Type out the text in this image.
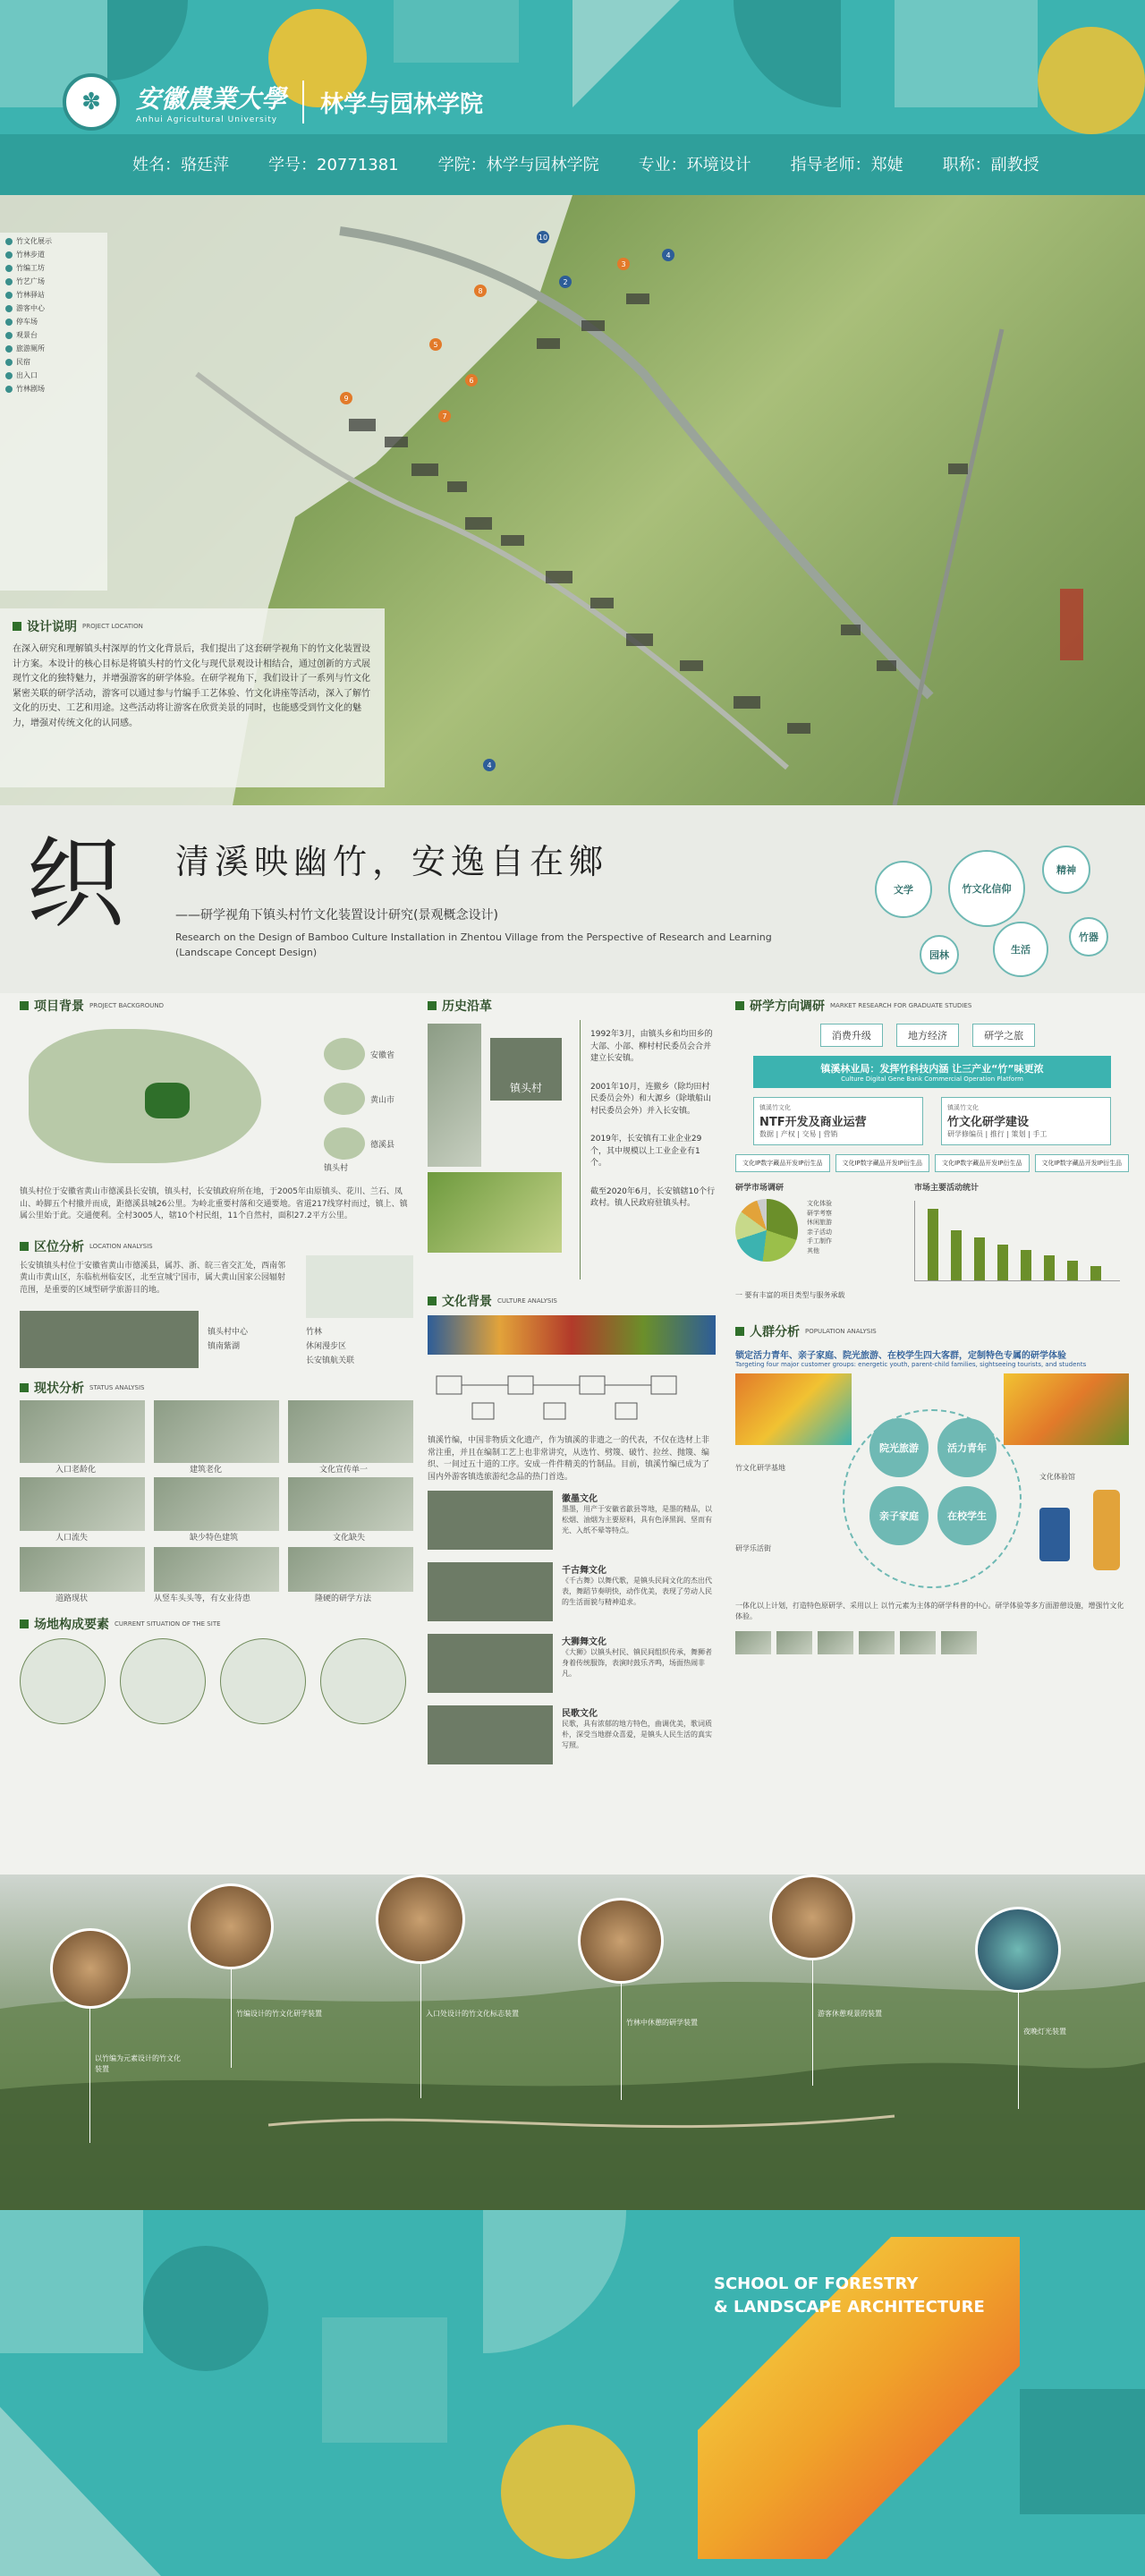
✽	安徽農業大學
Anhui Agricultural University
林学与园林学院
姓名：骆廷萍 学号：20771381 学院：林学与园林学院 专业：环境设计 指导老师：郑婕 职称：副教授
10
2
3
4
8
5
6
7
9
4
竹文化展示
竹林步道
竹编工坊
竹艺广场
竹林驿站
游客中心
停车场
观景台
旅游厕所
民宿
出入口
竹林剧场
设计说明 PROJECT LOCATION
在深入研究和理解镇头村深厚的竹文化背景后，我们提出了这套研学视角下的竹文化装置设计方案。本设计的核心目标是将镇头村的竹文化与现代景观设计相结合，通过创新的方式展现竹文化的独特魅力，并增强游客的研学体验。在研学视角下，我们设计了一系列与竹文化紧密关联的研学活动，游客可以通过参与竹编手工艺体验、竹文化讲座等活动，深入了解竹文化的历史、工艺和用途。这些活动将让游客在欣赏美景的同时，也能感受到竹文化的魅力，增强对传统文化的认同感。
织	清溪映幽竹，安逸自在鄉
——研学视角下镇头村竹文化装置设计研究(景观概念设计)
Research on the Design of Bamboo Culture Installation in Zhentou Village from the Perspective of Research and Learning (Landscape Concept Design)
竹文化信仰
精神
文学
生活
园林
竹器
项目背景 PROJECT BACKGROUND
安徽省
黄山市
德溪县
镇头村
镇头村位于安徽省黄山市德溪县长安镇，镇头村，长安镇政府所在地，于2005年由原镇头、花川、兰石、凤山、岭脚五个村撤并而成，距德溪县城26公里。为岭北重要村落和交通要地。省道217线穿村而过，镇上、镇属公里始于此。交通便利。全村3005人，辖10个村民组，11个自然村，面积27.2平方公里。
区位分析 LOCATION ANALYSIS
长安镇镇头村位于安徽省黄山市德溪县，属苏、浙、皖三省交汇处，西南邻黄山市黄山区，东临杭州临安区，北至宣城宁国市，属大黄山国家公园辐射范围，是重要的区域型研学旅游目的地。
镇头村中心
镇南紫湖
竹林
休闲漫步区
长安镇航关联
现状分析 STATUS ANALYSIS
入口老龄化	建筑老化	文化宣传单一
人口流失	缺少特色建筑	文化缺失
道路现状	从竖车头头等，有女业待患	隆硬的研学方法
场地构成要素 CURRENT SITUATION OF THE SITE
历史沿革
镇头村
1992年3月，由镇头乡和均田乡的大部、小部、柳村村民委员会合并建立长安镇。
2001年10月，连撤乡（除均田村民委员会外）和大源乡（除墩船山村民委员会外）并入长安镇。
2019年，长安镇有工业企业29个，其中规模以上工业企业有1个。
截至2020年6月，长安镇辖10个行政村。镇人民政府驻镇头村。
文化背景 CULTURE ANALYSIS
镇溪竹编，中国非物质文化遗产，作为镇溪的非遗之一的代表，不仅在选材上非常注重，并且在编制工艺上也非常讲究，从选竹、劈篾、破竹、拉丝、抛篾、编织、一间过五十道的工序。安成一件件精美的竹制品。目前，镇溪竹编已成为了国内外游客镇选旅游纪念品的热门首选。
徽墨文化
墨墨，用产于安徽省歙县等地，是墨的精品，以松烟、油烟为主要原料，具有色泽黑润、坚而有光、入纸不晕等特点。
千古舞文化
《千古舞》以舞代歌，是镇头民间文化的杰出代表，舞蹈节奏明快，动作优美，表现了劳动人民的生活面貌与精神追求。
大狮舞文化
《大狮》以镇头村民、镇民间组织传承，舞狮者身着传统服饰，表演时鼓乐齐鸣，场面热闹非凡。
民歌文化
民歌，具有浓郁的地方特色，曲调优美，歌词质朴，深受当地群众喜爱，是镇头人民生活的真实写照。
研学方向调研 MARKET RESEARCH FOR GRADUATE STUDIES
消费升级	地方经济	研学之旅
镇溪林业局：发挥竹科技内涵 让三产业“竹”味更浓
Culture Digital Gene Bank Commercial Operation Platform
镇溪竹文化
NTF开发及商业运营
数据 | 产权 | 交易 | 营销
镇溪竹文化
竹文化研学建设
研学修编员 | 推行 | 策划 | 手工
文化IP数字藏品开发IP衍生品	文化IP数字藏品开发IP衍生品	文化IP数字藏品开发IP衍生品	文化IP数字藏品开发IP衍生品
研学市场调研
文化体验
研学考察
休闲旅游
亲子活动
手工制作
其他
一 要有丰富的项目类型与服务承载
市场主要活动统计
人群分析 POPULATION ANALYSIS
锁定活力青年、亲子家庭、院光旅游、在校学生四大客群，定制特色专属的研学体验
Targeting four major customer groups: energetic youth, parent-child families, sightseeing tourists, and students
院光旅游	活力青年
亲子家庭	在校学生
竹文化研学基地
研学乐活街
文化体验馆
一体化以上计划，打造特色原研学、采用以上 以竹元素为主体的研学科普的中心。研学体验等多方面游憩设施，增强竹文化体验。
以竹编为元素设计的竹文化装置
竹编设计的竹文化研学装置	入口处设计的竹文化标志装置
竹林中休憩的研学装置
游客休憩观景的装置
夜晚灯光装置
SCHOOL OF FORESTRY
& LANDSCAPE ARCHITECTURE
